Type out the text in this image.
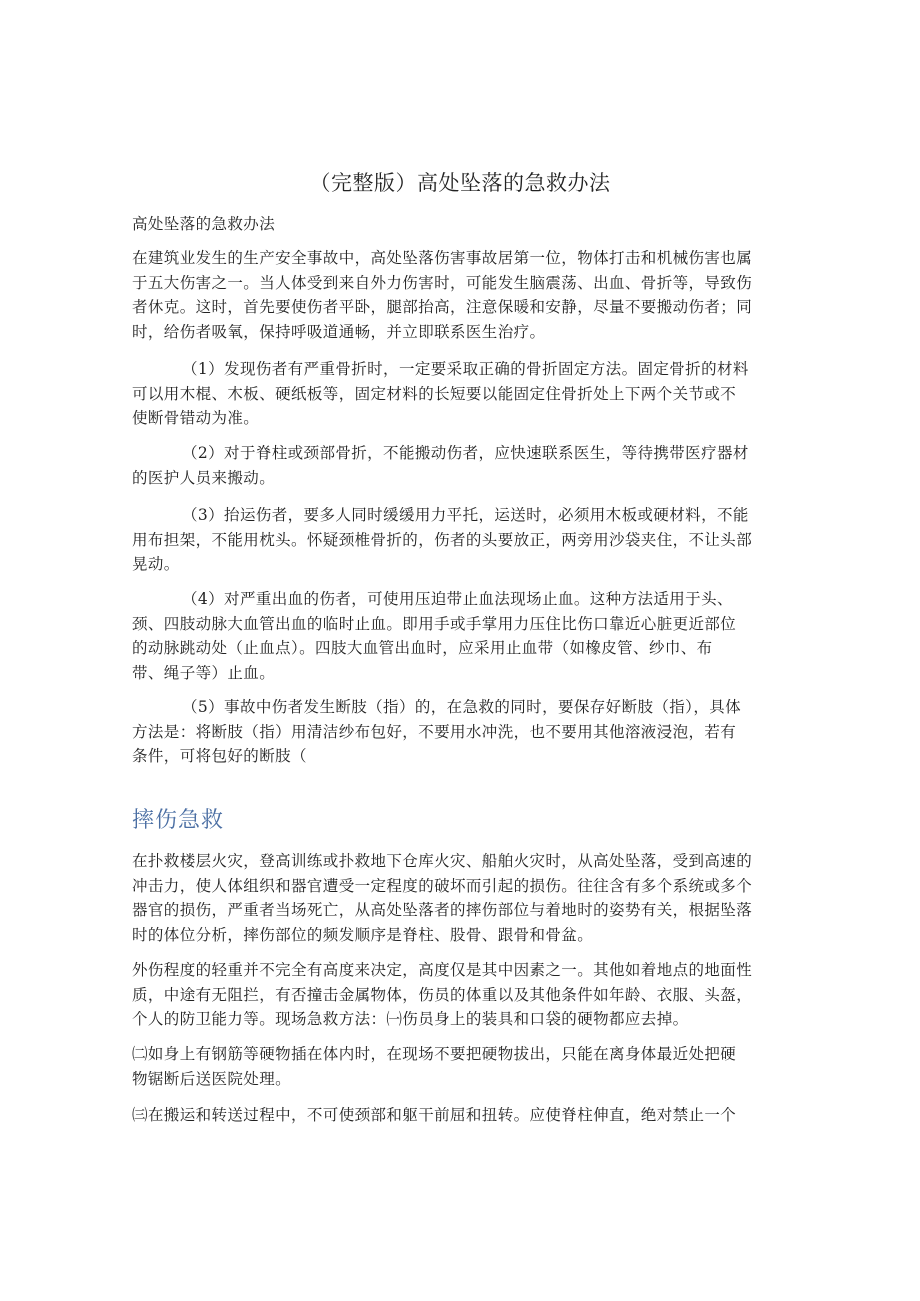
（完整版）高处坠落的急救办法
高处坠落的急救办法
在建筑业发生的生产安全事故中，高处坠落伤害事故居第一位，物体打击和机械伤害也属
于五大伤害之一。当人体受到来自外力伤害时，可能发生脑震荡、出血、骨折等，导致伤
者休克。这时，首先要使伤者平卧，腿部抬高，注意保暖和安静，尽量不要搬动伤者；同
时，给伤者吸氧，保持呼吸道通畅，并立即联系医生治疗。
（1）发现伤者有严重骨折时，一定要采取正确的骨折固定方法。固定骨折的材料
可以用木棍、木板、硬纸板等，固定材料的长短要以能固定住骨折处上下两个关节或不
使断骨错动为准。
（2）对于脊柱或颈部骨折，不能搬动伤者，应快速联系医生，等待携带医疗器材
的医护人员来搬动。
（3）抬运伤者，要多人同时缓缓用力平托，运送时，必须用木板或硬材料，不能
用布担架，不能用枕头。怀疑颈椎骨折的，伤者的头要放正，两旁用沙袋夹住，不让头部
晃动。
（4）对严重出血的伤者，可使用压迫带止血法现场止血。这种方法适用于头、
颈、四肢动脉大血管出血的临时止血。即用手或手掌用力压住比伤口靠近心脏更近部位
的动脉跳动处（止血点）。四肢大血管出血时，应采用止血带（如橡皮管、纱巾、布
带、绳子等）止血。
（5）事故中伤者发生断肢（指）的，在急救的同时，要保存好断肢（指），具体
方法是：将断肢（指）用清洁纱布包好，不要用水冲洗，也不要用其他溶液浸泡，若有
条件，可将包好的断肢（
摔伤急救
在扑救楼层火灾，登高训练或扑救地下仓库火灾、船舶火灾时，从高处坠落，受到高速的
冲击力，使人体组织和器官遭受一定程度的破坏而引起的损伤。往往含有多个系统或多个
器官的损伤，严重者当场死亡，从高处坠落者的摔伤部位与着地时的姿势有关，根据坠落
时的体位分析，摔伤部位的频发顺序是脊柱、股骨、跟骨和骨盆。
外伤程度的轻重并不完全有高度来决定，高度仅是其中因素之一。其他如着地点的地面性
质，中途有无阻拦，有否撞击金属物体，伤员的体重以及其他条件如年龄、衣服、头盔，
个人的防卫能力等。现场急救方法：㈠伤员身上的装具和口袋的硬物都应去掉。
㈡如身上有钢筋等硬物插在体内时，在现场不要把硬物拔出，只能在离身体最近处把硬
物锯断后送医院处理。
㈢在搬运和转送过程中，不可使颈部和躯干前屈和扭转。应使脊柱伸直，绝对禁止一个
